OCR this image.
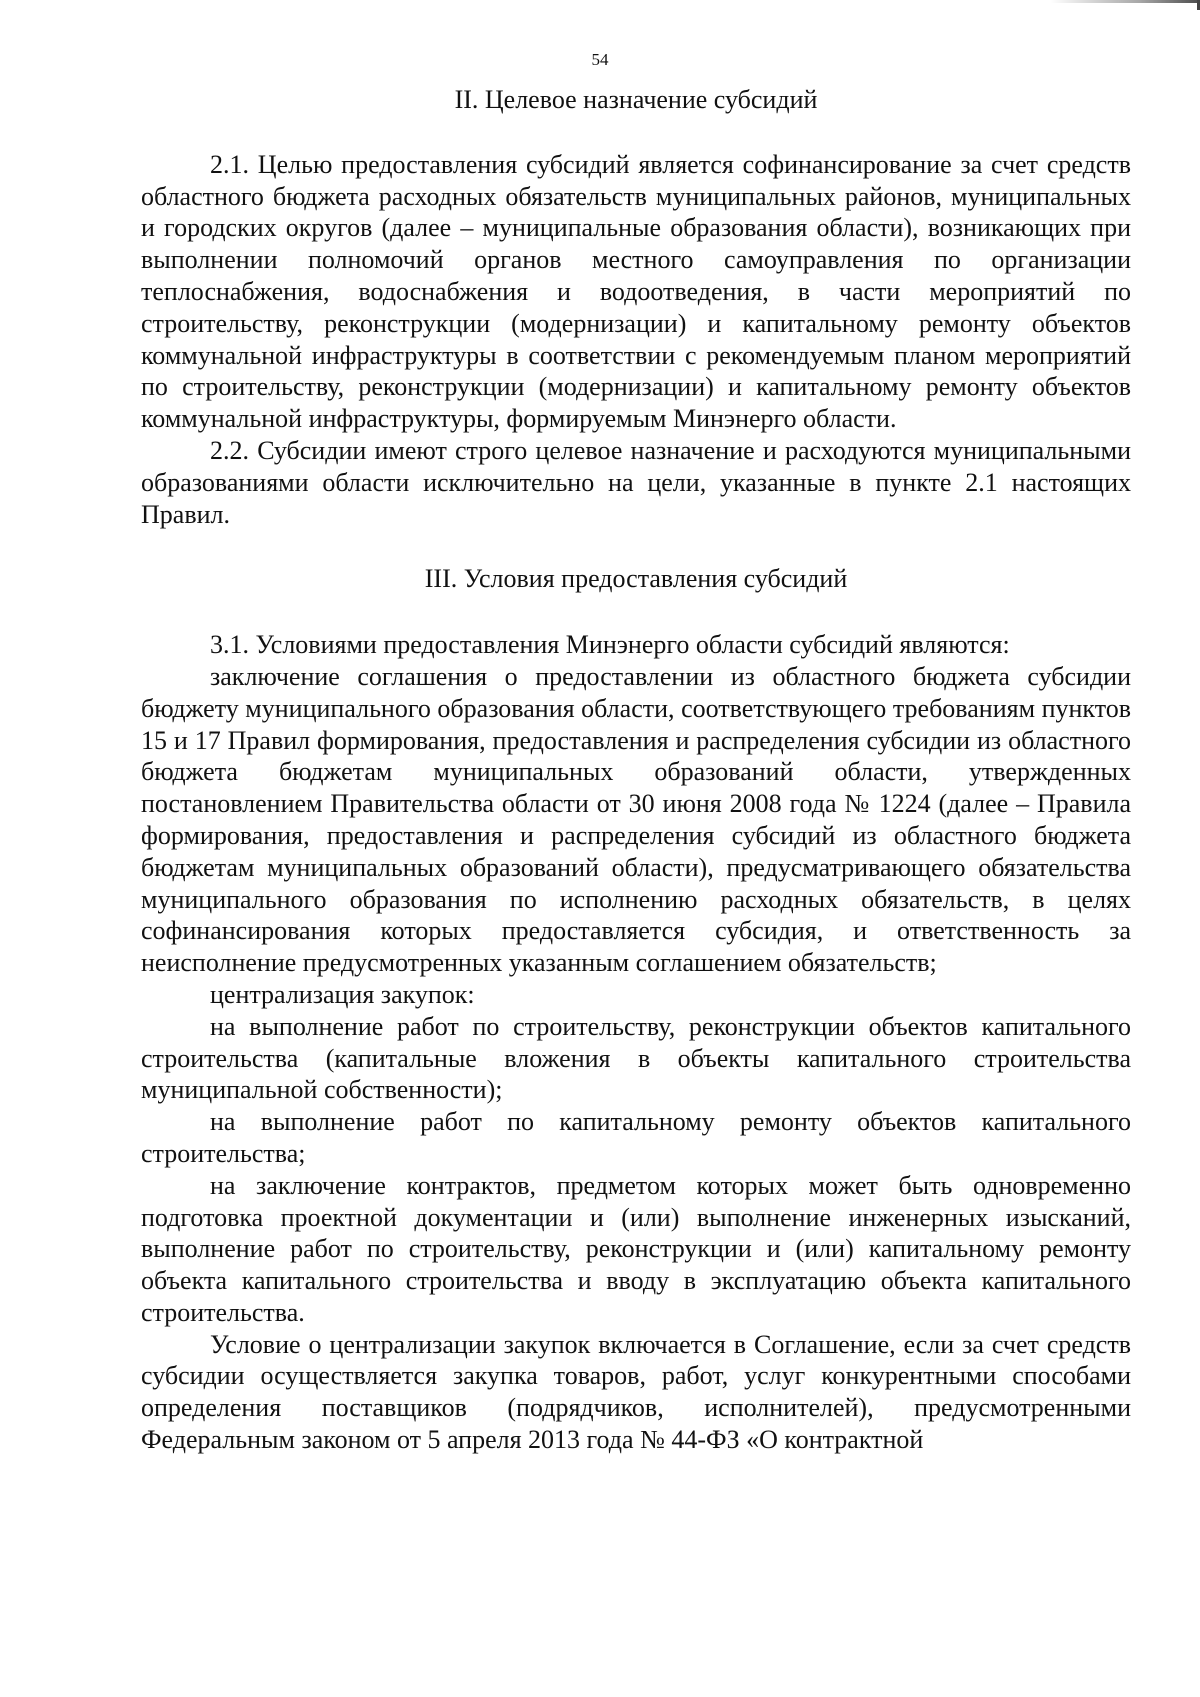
54
II. Целевое назначение субсидий

2.1. Целью предоставления субсидий является софинансирование за счет средств областного бюджета расходных обязательств муниципальных районов, муниципальных и городских округов (далее – муниципальные образования области), возникающих при выполнении полномочий органов местного самоуправления по организации теплоснабжения, водоснабжения и водоотведения, в части мероприятий по строительству, реконструкции (модернизации) и капитальному ремонту объектов коммунальной инфраструктуры в соответствии с рекомендуемым планом мероприятий по строительству, реконструкции (модернизации) и капитальному ремонту объектов коммунальной инфраструктуры, формируемым Минэнерго области.

2.2. Субсидии имеют строго целевое назначение и расходуются муниципальными образованиями области исключительно на цели, указанные в пункте 2.1 настоящих Правил.

III. Условия предоставления субсидий

3.1. Условиями предоставления Минэнерго области субсидий являются:

заключение соглашения о предоставлении из областного бюджета субсидии бюджету муниципального образования области, соответствующего требованиям пунктов 15 и 17 Правил формирования, предоставления и распределения субсидии из областного бюджета бюджетам муниципальных образований области, утвержденных постановлением Правительства области от 30 июня 2008 года № 1224 (далее – Правила формирования, предоставления и распределения субсидий из областного бюджета бюджетам муниципальных образований области), предусматривающего обязательства муниципального образования по исполнению расходных обязательств, в целях софинансирования которых предоставляется субсидия, и ответственность за неисполнение предусмотренных указанным соглашением обязательств;

централизация закупок:

на выполнение работ по строительству, реконструкции объектов капитального строительства (капитальные вложения в объекты капитального строительства муниципальной собственности);

на выполнение работ по капитальному ремонту объектов капитального строительства;

на заключение контрактов, предметом которых может быть одновременно подготовка проектной документации и (или) выполнение инженерных изысканий, выполнение работ по строительству, реконструкции и (или) капитальному ремонту объекта капитального строительства и вводу в эксплуатацию объекта капитального строительства.

Условие о централизации закупок включается в Соглашение, если за счет средств субсидии осуществляется закупка товаров, работ, услуг конкурентными способами определения поставщиков (подрядчиков, исполнителей), предусмотренными Федеральным законом от 5 апреля 2013 года № 44-ФЗ «О контрактной
